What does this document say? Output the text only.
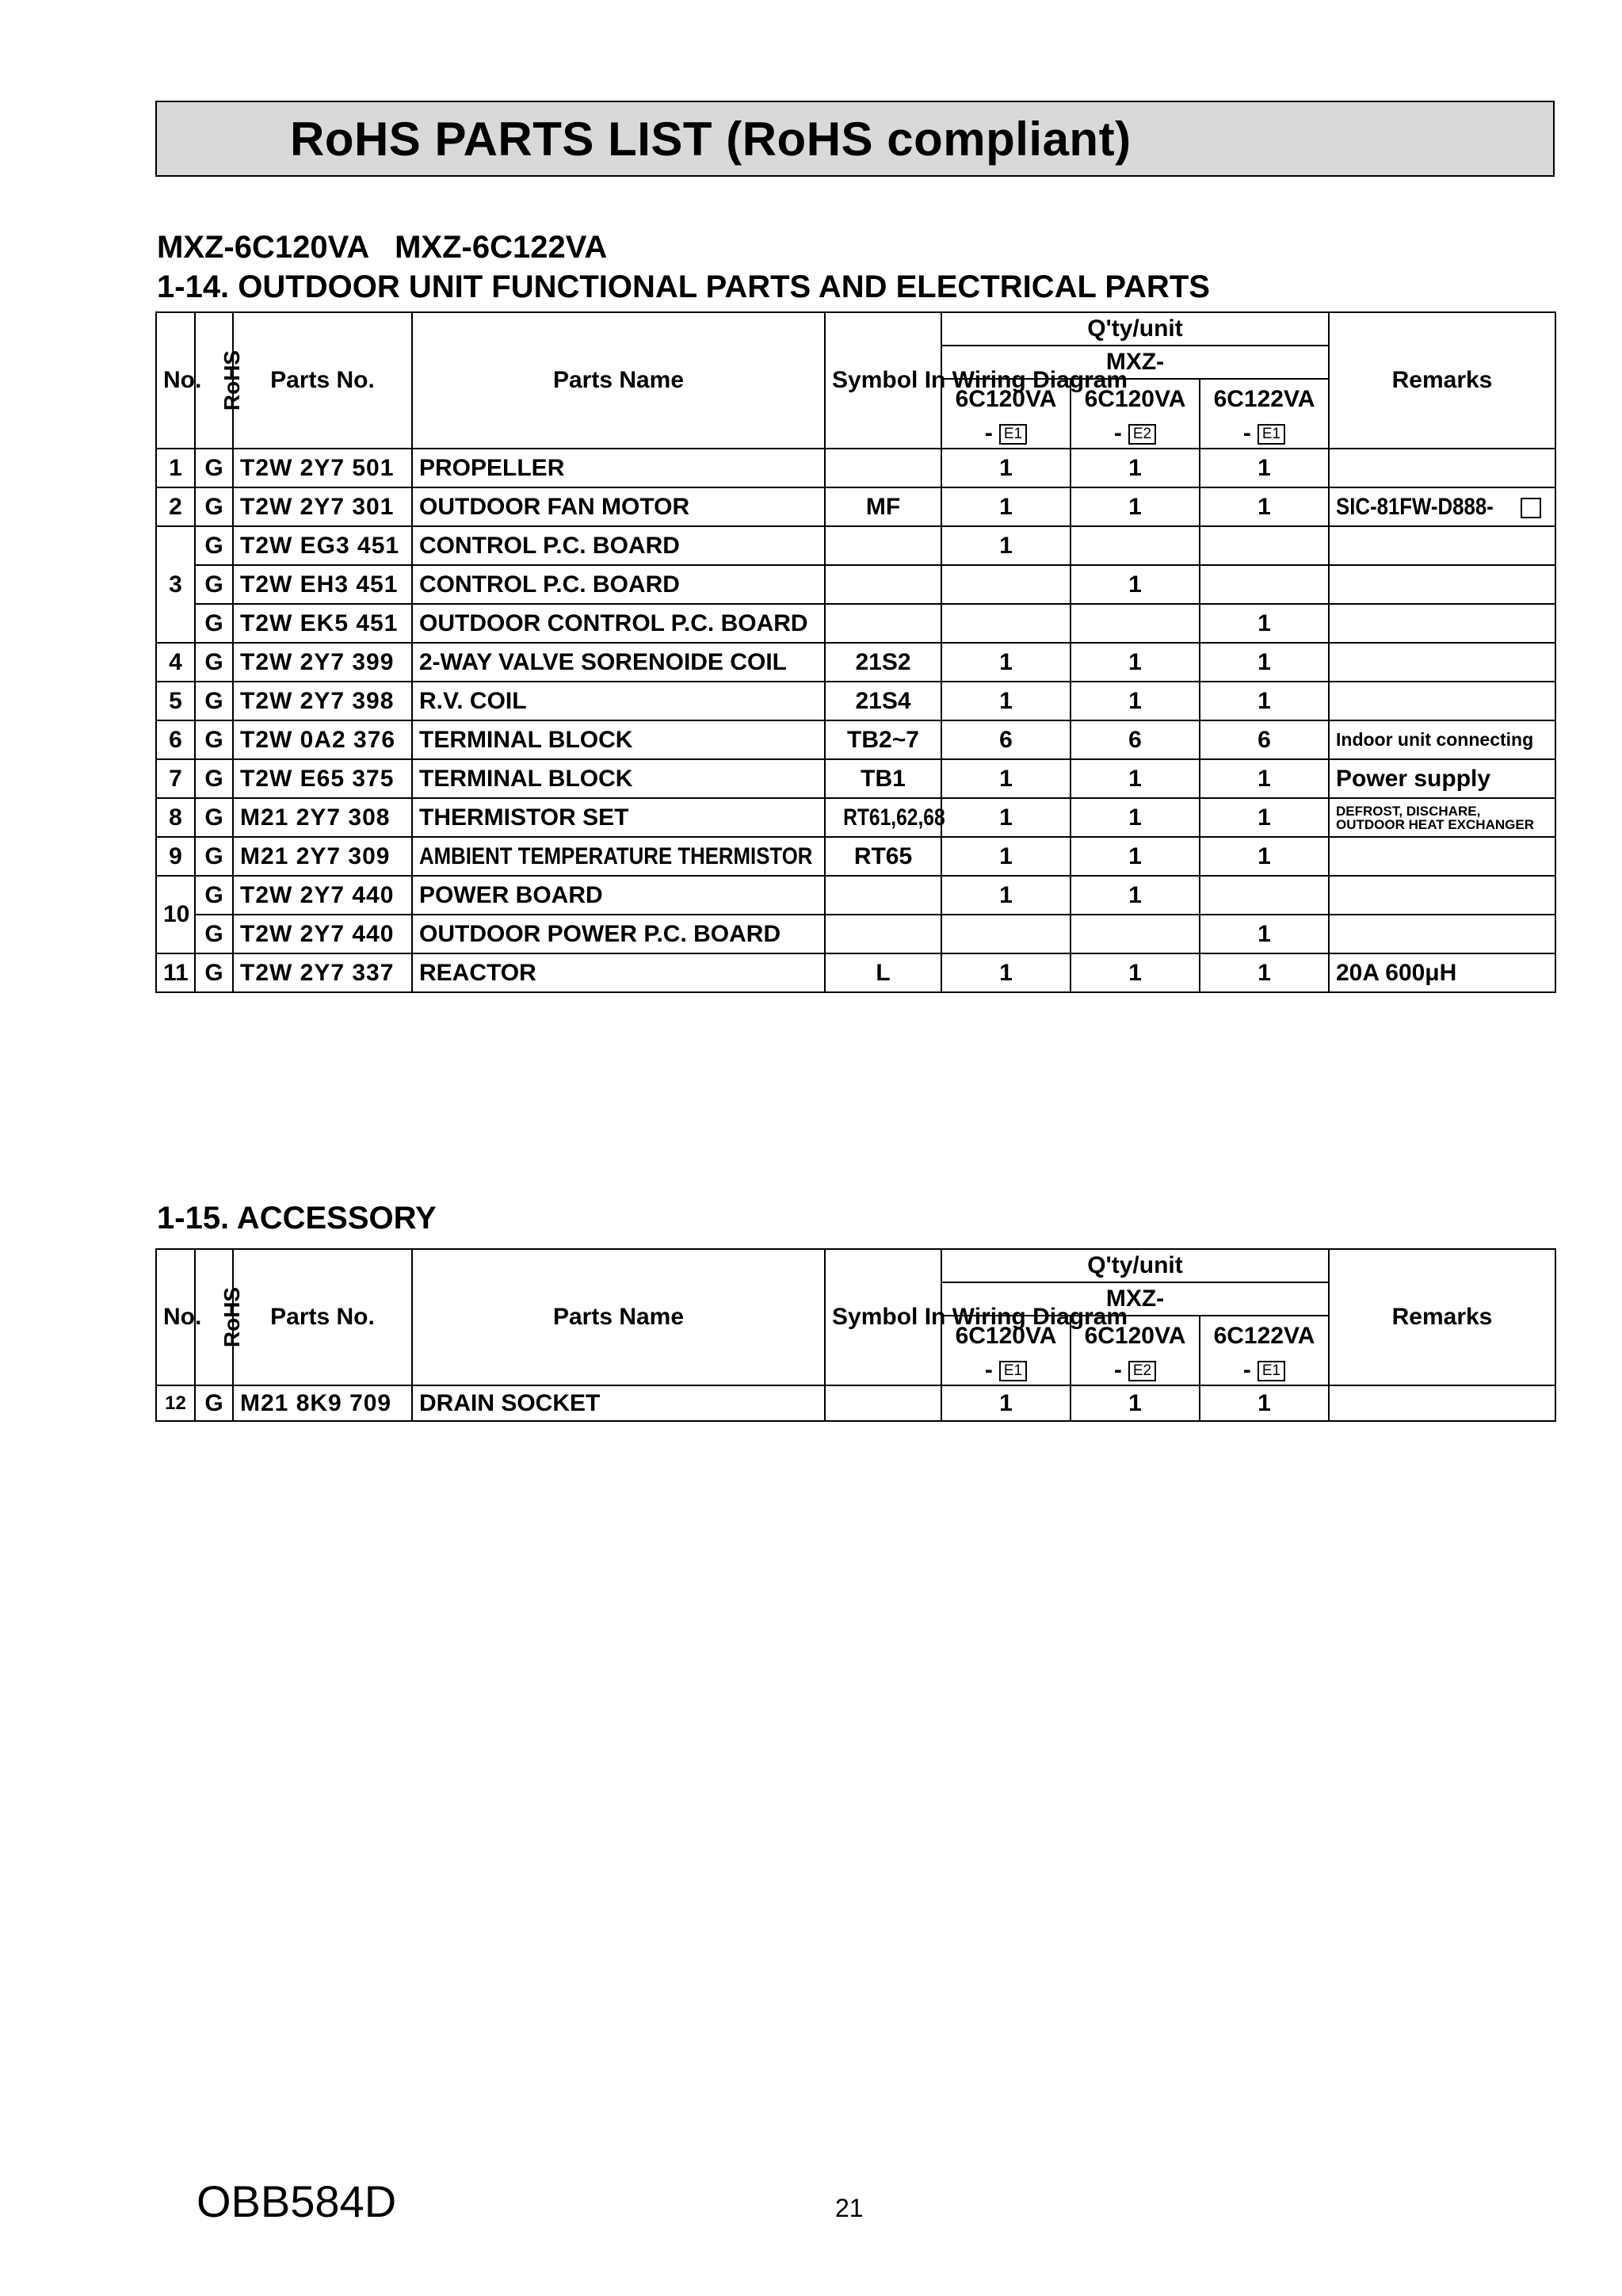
RoHS PARTS LIST (RoHS compliant)
MXZ-6C120VA   MXZ-6C122VA
1-14. OUTDOOR UNIT FUNCTIONAL PARTS AND ELECTRICAL PARTS
No.	RoHS	Parts No.	Parts Name	Symbol In Wiring Diagram	Q'ty/unit			Remarks
					MXZ-			
					6C120VA	6C120VA	6C122VA	
					- E1	- E2	- E1	
1	G	T2W 2Y7 501	PROPELLER		1	1	1	
2	G	T2W 2Y7 301	OUTDOOR FAN MOTOR	MF	1	1	1	SIC-81FW-D888-
3	G	T2W EG3 451	CONTROL P.C. BOARD		1			
	G	T2W EH3 451	CONTROL P.C. BOARD			1		
	G	T2W EK5 451	OUTDOOR CONTROL P.C. BOARD				1	
4	G	T2W 2Y7 399	2-WAY VALVE SORENOIDE COIL	21S2	1	1	1	
5	G	T2W 2Y7 398	R.V. COIL	21S4	1	1	1	
6	G	T2W 0A2 376	TERMINAL BLOCK	TB2~7	6	6	6	Indoor unit connecting
7	G	T2W E65 375	TERMINAL BLOCK	TB1	1	1	1	Power supply
8	G	M21 2Y7 308	THERMISTOR SET	RT61,62,68	1	1	1	DEFROST, DISCHARE, OUTDOOR HEAT EXCHANGER
9	G	M21 2Y7 309	AMBIENT TEMPERATURE THERMISTOR	RT65	1	1	1	
10	G	T2W 2Y7 440	POWER BOARD		1	1		
	G	T2W 2Y7 440	OUTDOOR POWER P.C. BOARD				1	
11	G	T2W 2Y7 337	REACTOR	L	1	1	1	20A 600μH
1-15. ACCESSORY
No.	RoHS	Parts No.	Parts Name	Symbol In Wiring Diagram	Q'ty/unit			Remarks
					MXZ-			
					6C120VA	6C120VA	6C122VA	
					- E1	- E2	- E1	
12	G	M21 8K9 709	DRAIN SOCKET		1	1	1	
OBB584D	21
